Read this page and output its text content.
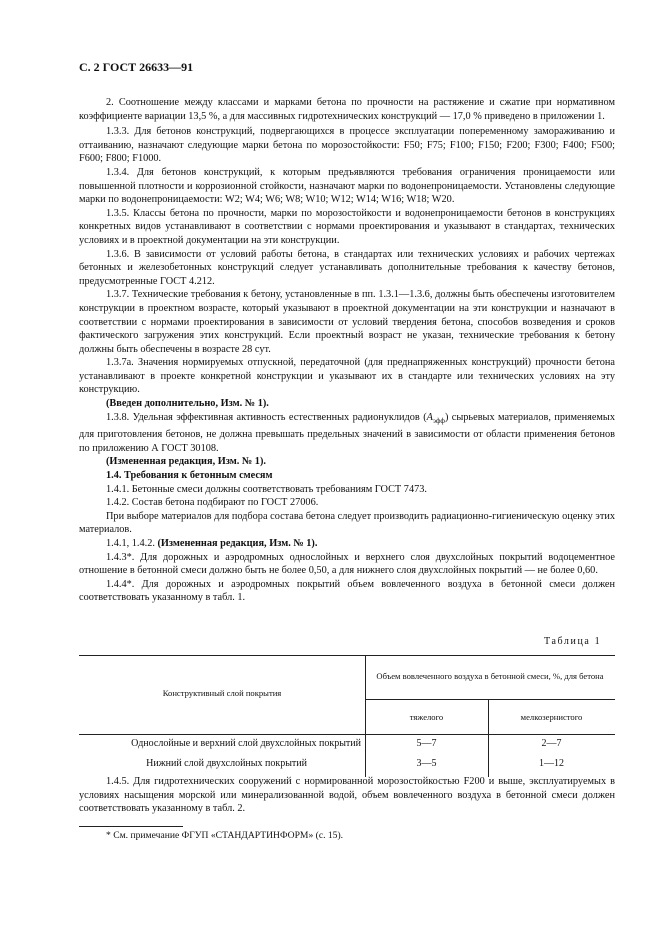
С. 2 ГОСТ 26633—91

2. Соотношение между классами и марками бетона по прочности на растяжение и сжатие при нормативном коэффициенте вариации 13,5 %, а для массивных гидротехнических конструкций — 17,0 % приведено в приложении 1.

1.3.3. Для бетонов конструкций, подвергающихся в процессе эксплуатации попеременному замораживанию и оттаиванию, назначают следующие марки бетона по морозостойкости: F50; F75; F100; F150; F200; F300; F400; F500; F600; F800; F1000.

1.3.4. Для бетонов конструкций, к которым предъявляются требования ограничения проницаемости или повышенной плотности и коррозионной стойкости, назначают марки по водонепроницаемости. Установлены следующие марки по водонепроницаемости: W2; W4; W6; W8; W10; W12; W14; W16; W18; W20.

1.3.5. Классы бетона по прочности, марки по морозостойкости и водонепроницаемости бетонов в конструкциях конкретных видов устанавливают в соответствии с нормами проектирования и указывают в стандартах, технических условиях и в проектной документации на эти конструкции.

1.3.6. В зависимости от условий работы бетона, в стандартах или технических условиях и рабочих чертежах бетонных и железобетонных конструкций следует устанавливать дополнительные требования к качеству бетонов, предусмотренные ГОСТ 4.212.

1.3.7. Технические требования к бетону, установленные в пп. 1.3.1—1.3.6, должны быть обеспечены изготовителем конструкции в проектном возрасте, который указывают в проектной документации на эти конструкции и назначают в соответствии с нормами проектирования в зависимости от условий твердения бетона, способов возведения и сроков фактического загружения этих конструкций. Если проектный возраст не указан, технические требования к бетону должны быть обеспечены в возрасте 28 сут.

1.3.7а. Значения нормируемых отпускной, передаточной (для преднапряженных конструкций) прочности бетона устанавливают в проекте конкретной конструкции и указывают их в стандарте или технических условиях на эту конструкцию.

(Введен дополнительно, Изм. № 1).

1.3.8. Удельная эффективная активность естественных радионуклидов $(A_{эфф})$ сырьевых материалов, применяемых для приготовления бетонов, не должна превышать предельных значений в зависимости от области применения бетонов по приложению А ГОСТ 30108.

(Измененная редакция, Изм. № 1).

1.4. Требования к бетонным смесям

1.4.1. Бетонные смеси должны соответствовать требованиям ГОСТ 7473.

1.4.2. Состав бетона подбирают по ГОСТ 27006.

При выборе материалов для подбора состава бетона следует производить радиационно-гигиеническую оценку этих материалов.

1.4.1, 1.4.2. (Измененная редакция, Изм. № 1).

1.4.3*. Для дорожных и аэродромных однослойных и верхнего слоя двухслойных покрытий водоцементное отношение в бетонной смеси должно быть не более 0,50, а для нижнего слоя двухслойных покрытий — не более 0,60.

1.4.4*. Для дорожных и аэродромных покрытий объем вовлеченного воздуха в бетонной смеси должен соответствовать указанному в табл. 1.

Таблица 1
Конструктивный слой покрытия
Объем вовлеченного воздуха в бетонной смеси, %, для бетона
тяжелого	мелкозернистого
Однослойные и верхний слой двухслойных покрытий	5—7	2—7
Нижний слой двухслойных покрытий	3—5	1—12

1.4.5. Для гидротехнических сооружений с нормированной морозостойкостью F200 и выше, эксплуатируемых в условиях насыщения морской или минерализованной водой, объем вовлеченного воздуха в бетонной смеси должен соответствовать указанному в табл. 2.

* См. примечание ФГУП «СТАНДАРТИНФОРМ» (с. 15).
